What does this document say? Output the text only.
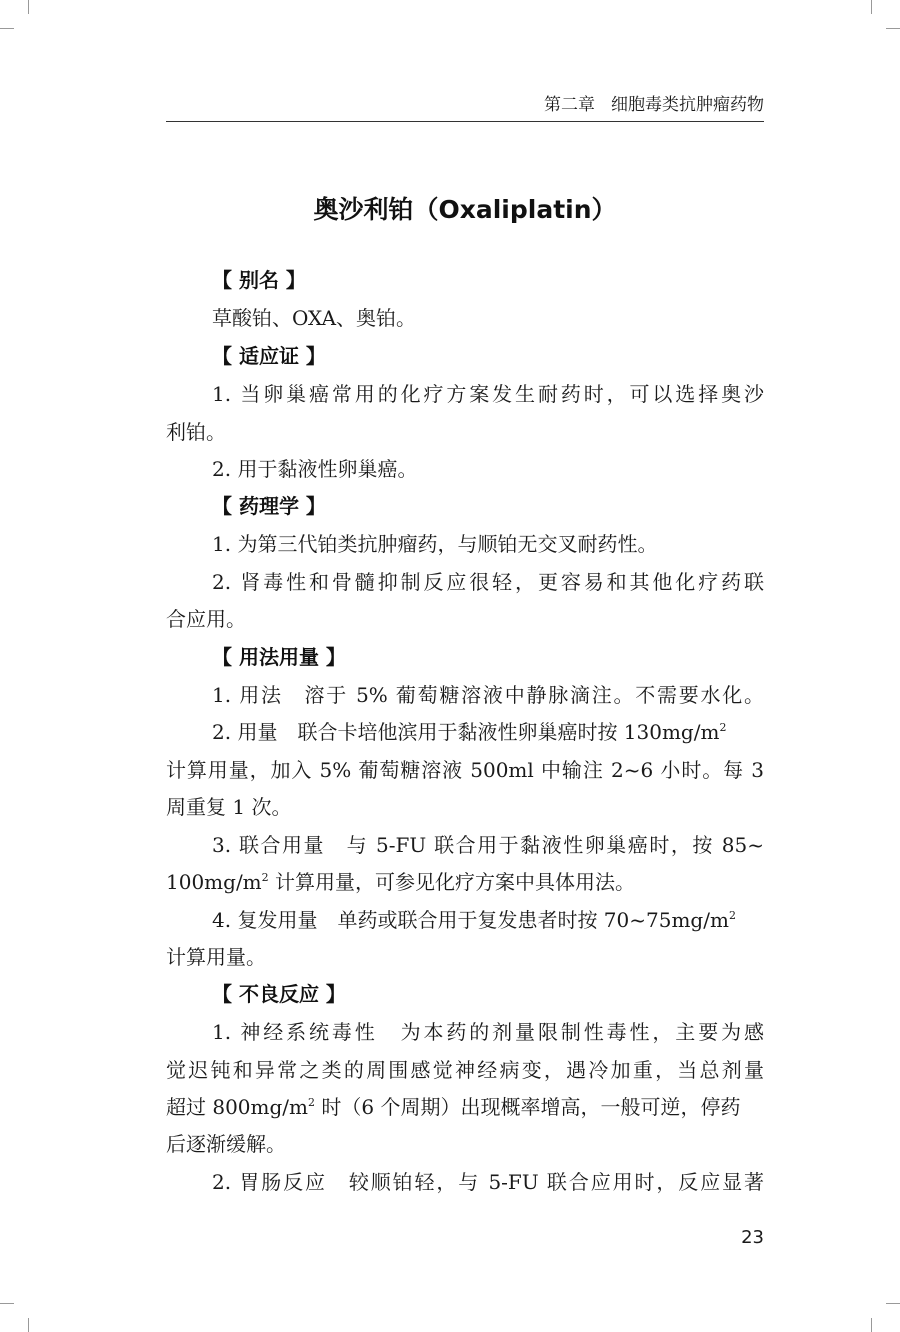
第二章 细胞毒类抗肿瘤药物
奥沙利铂（Oxaliplatin）
【 别名 】
草酸铂、OXA、奥铂。
【 适应证 】
1. 当卵巢癌常用的化疗方案发生耐药时，可以选择奥沙
利铂。
2. 用于黏液性卵巢癌。
【 药理学 】
1. 为第三代铂类抗肿瘤药，与顺铂无交叉耐药性。
2. 肾毒性和骨髓抑制反应很轻，更容易和其他化疗药联
合应用。
【 用法用量 】
1. 用法　溶于 5% 葡萄糖溶液中静脉滴注。不需要水化。
2. 用量　联合卡培他滨用于黏液性卵巢癌时按 $130mg/m^2$
计算用量，加入 5% 葡萄糖溶液 500ml 中输注 2~6 小时。每 3
周重复 1 次。
3. 联合用量　与 5-FU 联合用于黏液性卵巢癌时，按 85~
$100mg/m^2$ 计算用量，可参见化疗方案中具体用法。
4. 复发用量　单药或联合用于复发患者时按 $70\sim 75mg/m^2$
计算用量。
【 不良反应 】
1. 神经系统毒性　为本药的剂量限制性毒性，主要为感
觉迟钝和异常之类的周围感觉神经病变，遇冷加重，当总剂量
超过 $800mg/m^2$ 时（6 个周期）出现概率增高，一般可逆，停药
后逐渐缓解。
2. 胃肠反应　较顺铂轻，与 5-FU 联合应用时，反应显著
23
